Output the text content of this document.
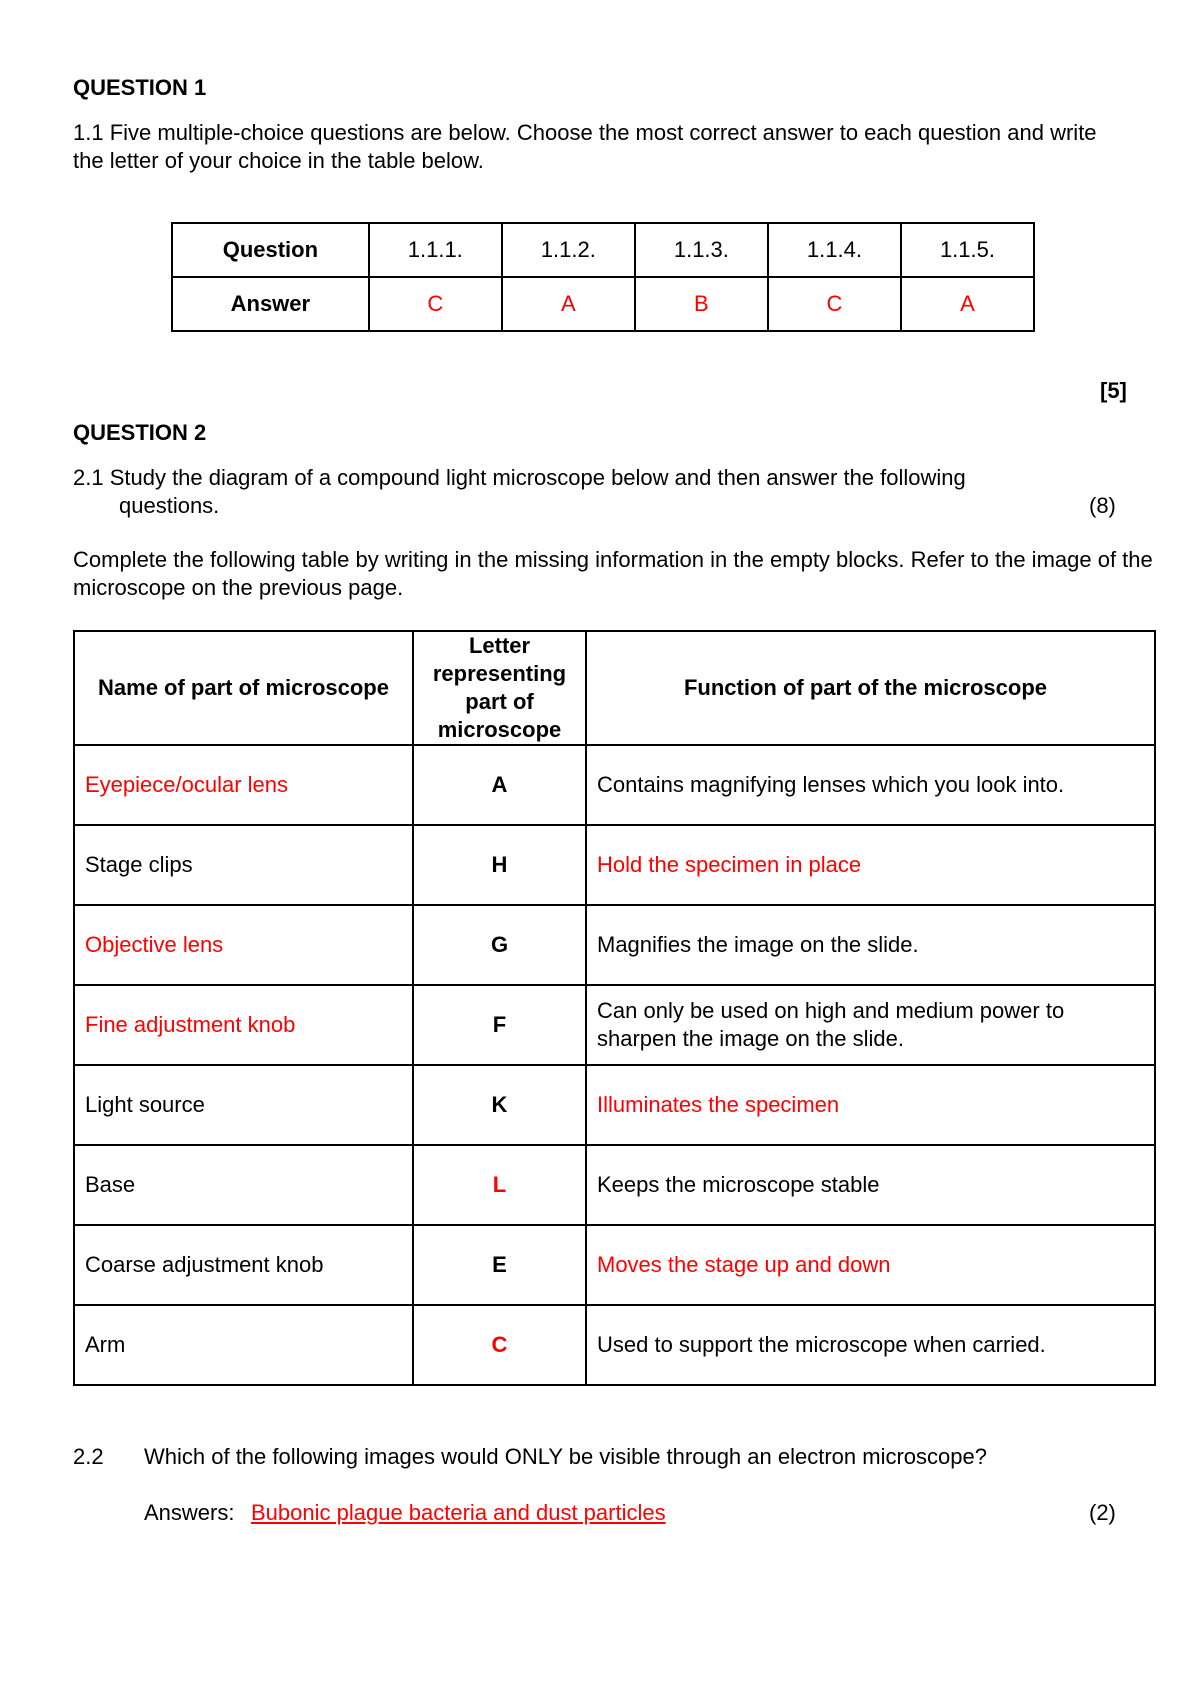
QUESTION 1
1.1 Five multiple-choice questions are below. Choose the most correct answer to each question and write the letter of your choice in the table below.
Question	1.1.1.	1.1.2.	1.1.3.	1.1.4.	1.1.5.
Answer	C	A	B	C	A
[5]
QUESTION 2
2.1 Study the diagram of a compound light microscope below and then answer the following
questions.	(8)
Complete the following table by writing in the missing information in the empty blocks. Refer to the image of the microscope on the previous page.
Name of part of microscope	Letter representing part of microscope	Function of part of the microscope
Eyepiece/ocular lens	A	Contains magnifying lenses which you look into.
Stage clips	H	Hold the specimen in place
Objective lens	G	Magnifies the image on the slide.
Fine adjustment knob	F	Can only be used on high and medium power to sharpen the image on the slide.
Light source	K	Illuminates the specimen
Base	L	Keeps the microscope stable
Coarse adjustment knob	E	Moves the stage up and down
Arm	C	Used to support the microscope when carried.
2.2 Which of the following images would ONLY be visible through an electron microscope?
Answers: Bubonic plague bacteria and dust particles	(2)
